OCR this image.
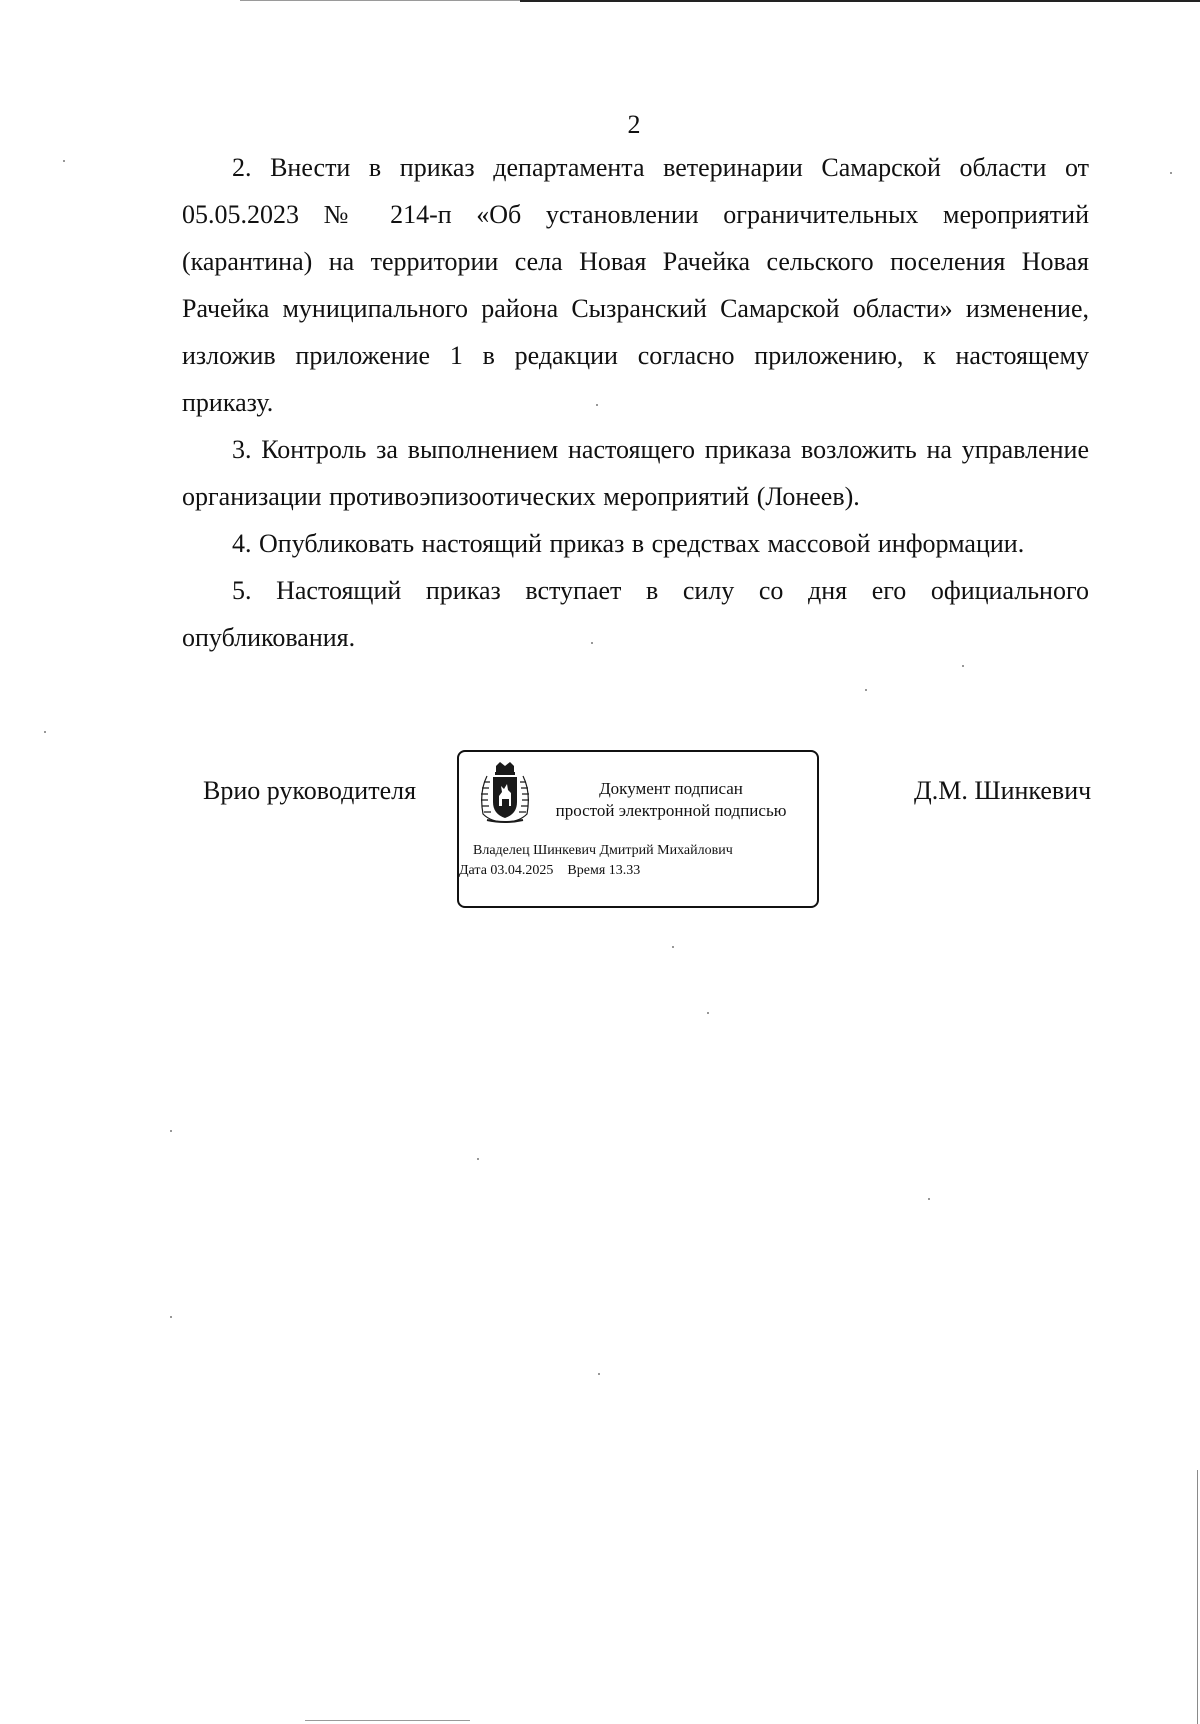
2

2. Внести в приказ департамента ветеринарии Самарской области от 05.05.2023 № 214-п «Об установлении ограничительных мероприятий (карантина) на территории села Новая Рачейка сельского поселения Новая Рачейка муниципального района Сызранский Самарской области» изменение, изложив приложение 1 в редакции согласно приложению, к настоящему приказу.

3. Контроль за выполнением настоящего приказа возложить на управление организации противоэпизоотических мероприятий (Лонеев).

4. Опубликовать настоящий приказ в средствах массовой информации.

5. Настоящий приказ вступает в силу со дня его официального опубликования.

Врио руководителя	Документ подписан
простой электронной подписью
Владелец Шинкевич Дмитрий Михайлович
Дата 03.04.2025 Время 13.33
Д.М. Шинкевич
